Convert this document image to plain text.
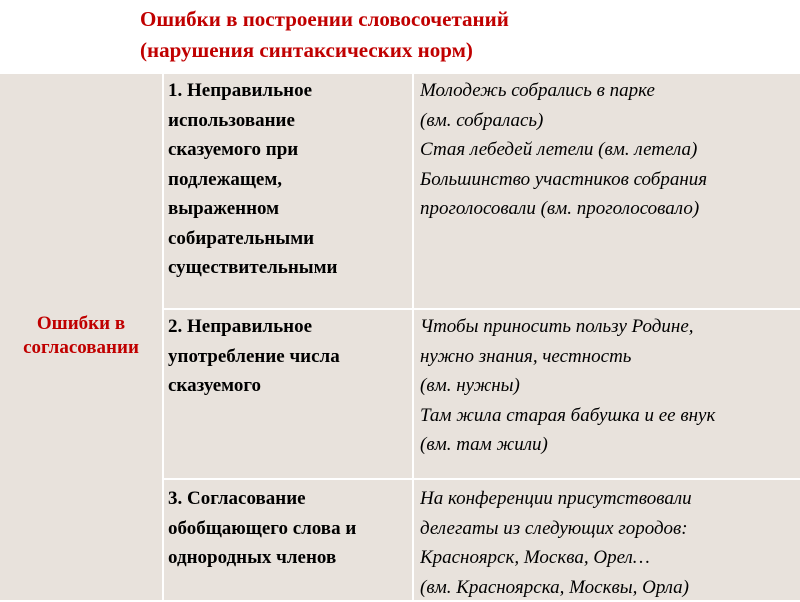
Ошибки в построении словосочетаний
(нарушения синтаксических норм)
Ошибки в
согласовании
1. Неправильное
использование
сказуемого при
подлежащем,
выраженном
собирательными
существительными
Молодежь собрались в парке
(вм. собралась)
Стая лебедей летели (вм. летела)
Большинство участников собрания
проголосовали (вм. проголосовало)
2. Неправильное
употребление числа
сказуемого
Чтобы приносить пользу Родине,
нужно знания, честность
(вм. нужны)
Там жила старая бабушка и ее внук
(вм. там жили)
3. Согласование
обобщающего слова и
однородных членов
На конференции присутствовали
делегаты из следующих городов:
Красноярск, Москва, Орел…
(вм. Красноярска, Москвы, Орла)
